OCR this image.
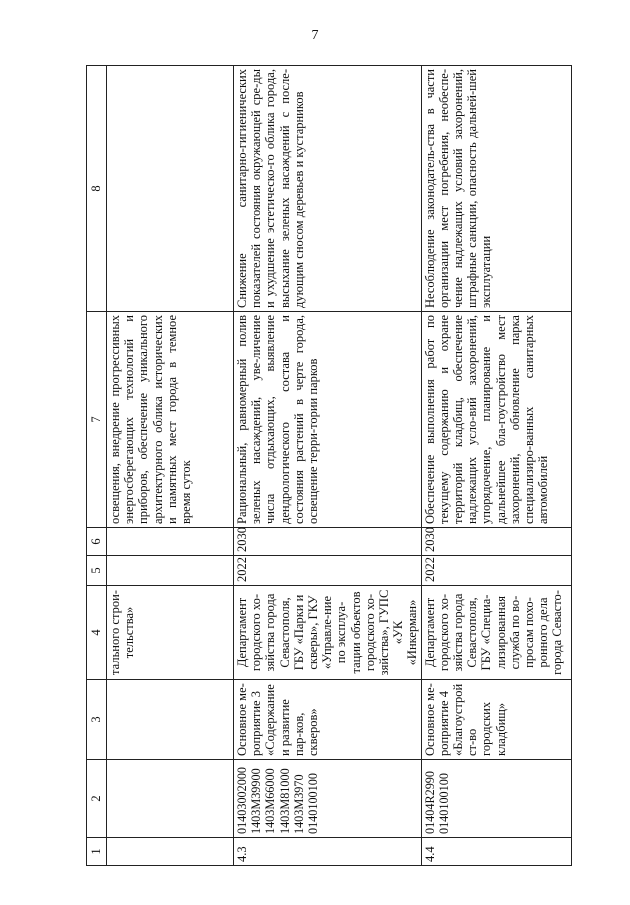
7
1	2	3	4	5	6	7	8
			тального строи-тельства»			освещения, внедрение прогрессивных энергосберегающих технологий и приборов, обеспечение уникального архитектурного облика исторических и памятных мест города в темное время суток	
4.3	01403002000 1403M39900 1403M66000 1403M81000 1403M3970 0140100100	Основное ме-роприятие 3 «Содержание и развитие пар-ков, скверов»	Департамент городского хо-зяйства города Севастополя, ГБУ «Парки и скверы», ГКУ «Управле-ние по эксплуа-тации объектов городского хо-зяйства», ГУПС «УК «Инкерман»	2022	2030	Рациональный, равномерный полив зеленых насаждений, уве-личение числа отдыхающих, выявление дендрологического состава и состояния растений в черте города, освещение терри-тории парков	Снижение санитарно-гигиенических показателей состояния окружающей сре-ды и ухудшение эстетическо-го облика города, высыхание зеленых насаждений с после-дующим сносом деревьев и кустарников
4.4	01404R2990 0140100100	Основное ме-роприятие 4 «Благоустройст-во городских кладбищ»	Департамент городского хо-зяйства города Севастополя, ГБУ «Специа-лизированная служба по во-просам похо-ронного дела города Севасто-	2022	2030	Обеспечение выполнения работ по текущему содержанию и охране территорий кладбищ, обеспечение надлежащих усло-вий захоронений, упорядочение, планирование и дальнейшее бла-гоустройство мест захоронений, обновление парка специализиро-ванных санитарных автомобилей	Несоблюдение законодатель-ства в части организации мест погребения, необеспе-чение надлежащих условий захоронений, штрафные санкции, опасность дальней-шей эксплуатации
